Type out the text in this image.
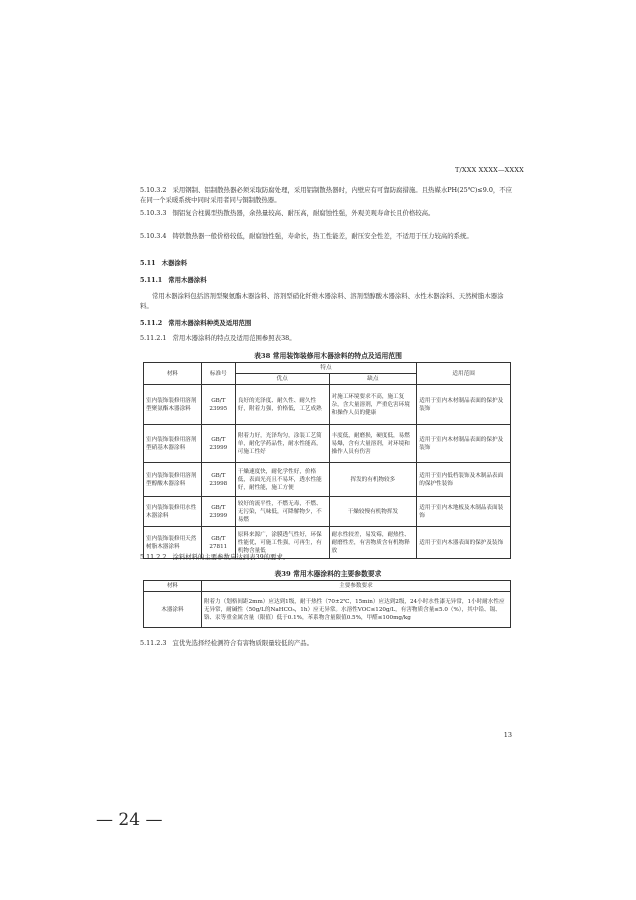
T/XXX XXXX—XXXX
5.10.3.2 采用钢制、铝制散热器必须采取防腐处理，采用铝制散热器时，内壁应有可靠防腐措施。且热媒水PH(25℃)≤9.0，不应在同一个采暖系统中同时采用者同与铜制散热器。
5.10.3.3 铜铝复合柱翼型热散热器，余热量较高、耐压高，耐腐蚀性强，外观美观寿命长且价格较高。
5.10.3.4 铸铁散热器一般价格较低，耐腐蚀性强，寿命长，热工性能差，耐压安全性差，不适用于压力较高的系统。
5.11 木器涂料
5.11.1 常用木器涂料
常用木器涂料包括溶剂型聚氨酯木器涂料、溶剂型硝化纤维木器涂料、溶剂型醇酸木器涂料、水性木器涂料、天然树脂木器涂料。
5.11.2 常用木器涂料种类及适用范围
5.11.2.1 常用木器涂料的特点及适用范围参照表38。
表38 常用装饰装修用木器涂料的特点及适用范围
材料	标准号	特点		适用范围
		优点	缺点	
室内装饰装修用溶剂型聚氨酯木器涂料	GB/T
23995	良好的光泽度、耐久性、耐久性好，附着力强，价格低，工艺成熟	对施工环境要求不高，施工复杂，含大量溶剂，严重危害环境和操作人员的健康	适用于室内木材制品表面的保护及装饰
室内装饰装修用溶剂型硝基木器涂料	GB/T
23999	附着力好，光泽均匀，涂装工艺简单，耐化学药品性，耐水性能高，可施工性好	丰度低，耐磨损，硬度低，易燃易爆，含有大量溶剂，对环境和操作人员有伤害	适用于室内木材制品表面的保护及装饰
室内装饰装修用溶剂型醇酸木器涂料	GB/T
23998	干燥速度快，耐化学性好，价格低，表面光亮且不易坏，透水性能好，耐性能，施工方便	挥发的有机物较多	适用于室内低档装饰及木制品表面的保护性装饰
室内装饰装修用水性木器涂料	GB/T
23999	较好的流平性，不燃无毒，不燃、无污染，气味低，可降解物少，不易燃	干燥较慢有机物挥发	适用于室内木地板及木制品表面装饰
室内装饰装修用天然树脂木器涂料	GB/T
27811	原料来源广，涂膜透气性好，环保性能优，可施工性强，可再生，有机物含量低	耐水性较差，易发霉，耐热性、耐磨性差，有害物质含有机物释放	适用于室内木器表面的保护及装饰
5.11.2.2 涂料材料的主要参数应达到表39的要求。
表39 常用木器涂料的主要参数要求
材料	主要参数要求
木器涂料	附着力（划格间距2mm）应达到1级，耐干热性（70±2℃，15min）应达到2级，24小时水性漆无异常，1小时耐水性应无异常，耐碱性（50g/L的NaHCO₃，1h）应无异常。水溶性VOC≤120g/L，有害物质含量≤5.0（%），其中铅、镉、铬、汞等重金属含量（限值）低于0.1%，苯系物含量限值0.5%，甲醛≤100mg/kg
5.11.2.3 宜优先选择经检测符合有害物质限量较低的产品。
13
— 24 —
